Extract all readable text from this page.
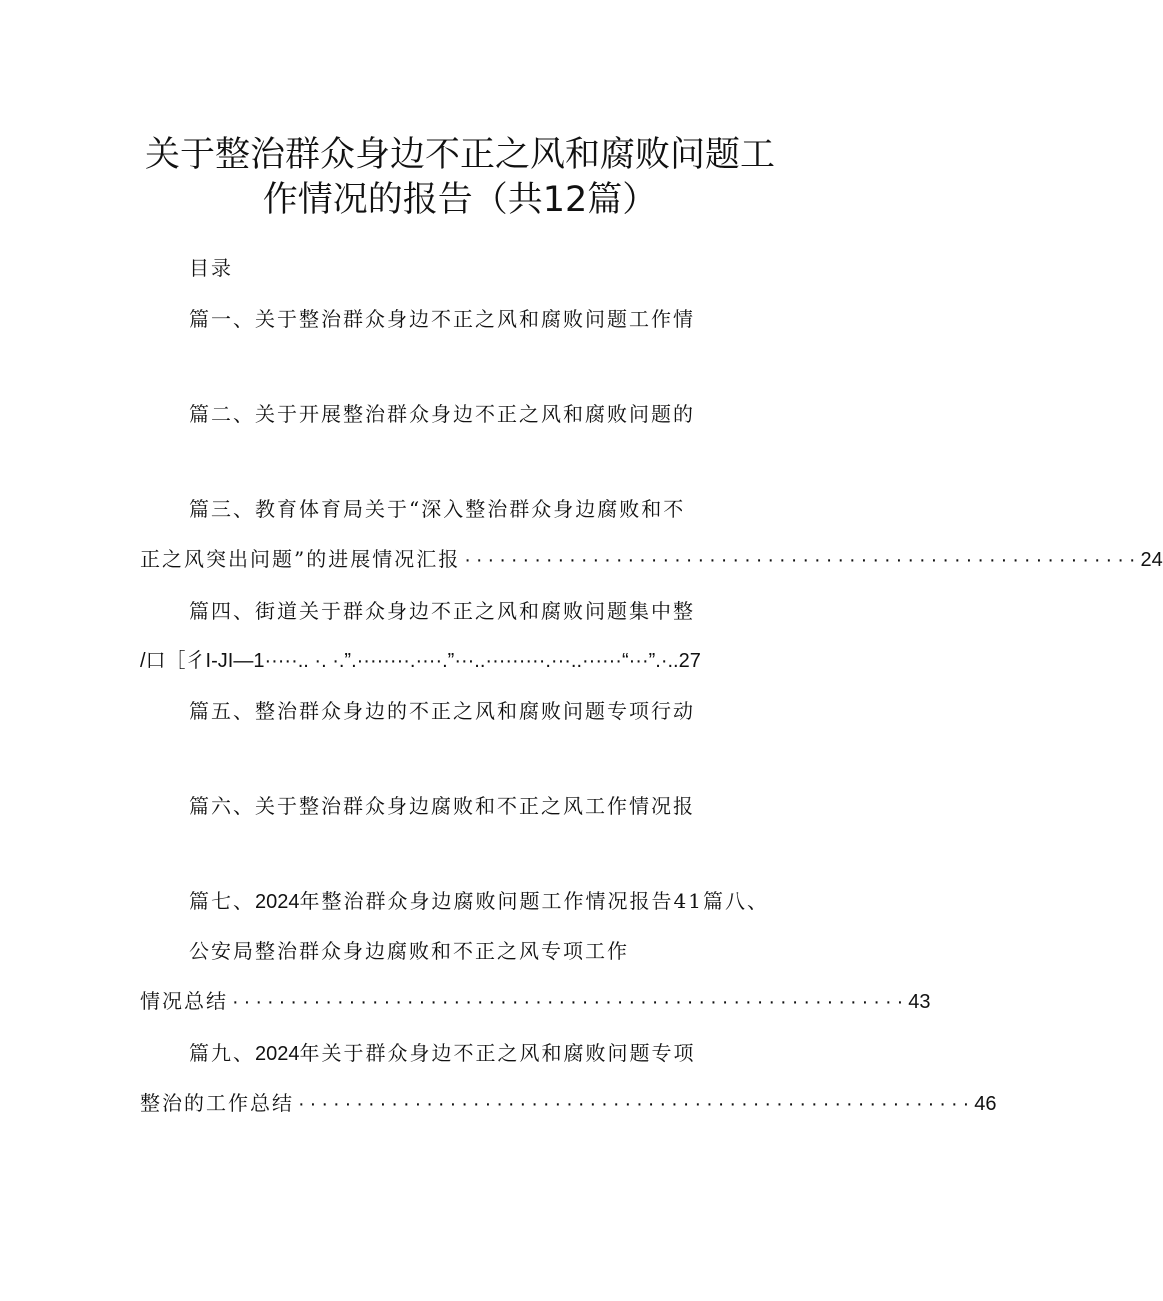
关于整治群众身边不正之风和腐败问题工
作情况的报告（共12篇）
目录
篇一、关于整治群众身边不正之风和腐败问题工作情
篇二、关于开展整治群众身边不正之风和腐败问题的
篇三、教育体育局关于“深入整治群众身边腐败和不
正之风突出问题”的进展情况汇报 ·························································· 24
篇四、街道关于群众身边不正之风和腐败问题集中整
/口［彳I-JI—1·····.. ·. ·.”.········.····.”···..·········.···..······“···”.·..27
篇五、整治群众身边的不正之风和腐败问题专项行动
篇六、关于整治群众身边腐败和不正之风工作情况报
篇七、2024年整治群众身边腐败问题工作情况报告41篇八、
公安局整治群众身边腐败和不正之风专项工作
情况总结 ·························································· 43
篇九、2024年关于群众身边不正之风和腐败问题专项
整治的工作总结 ·························································· 46
